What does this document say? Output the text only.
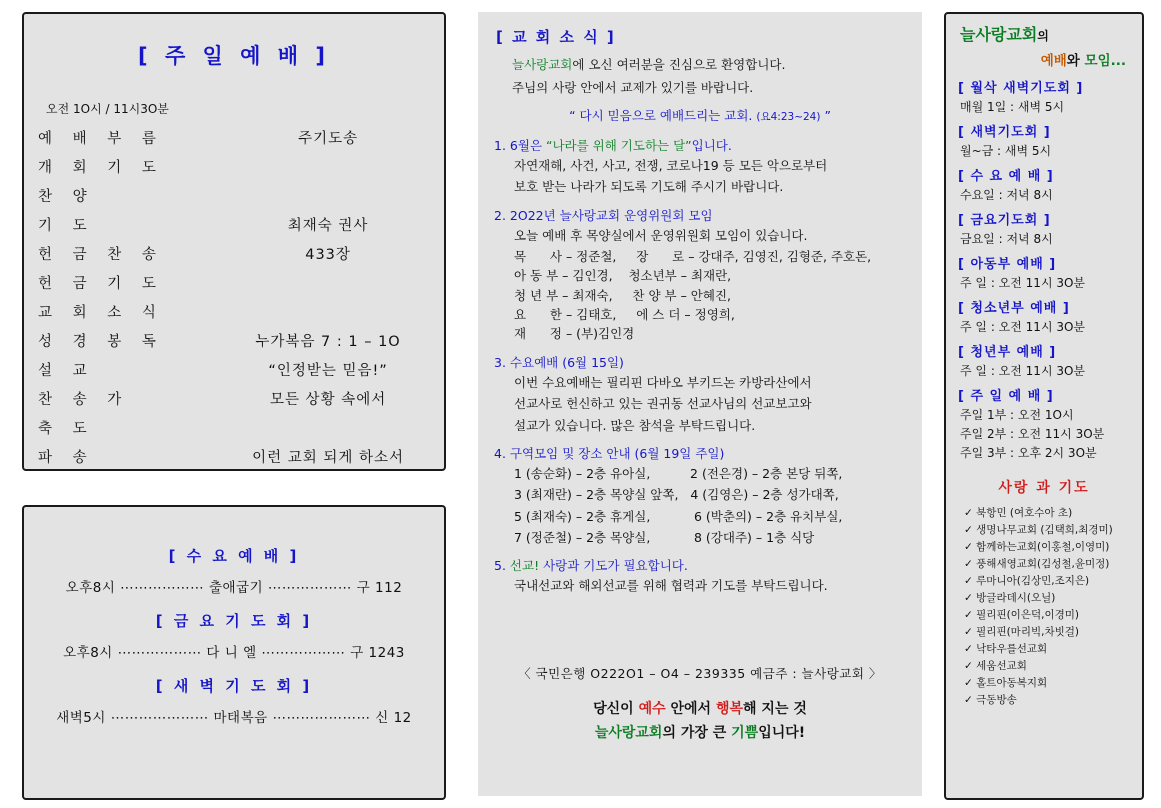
[ 주 일 예 배 ]
오전 1O시 / 11시3O분
예 배 부 름	주기도송
개 회 기 도	
찬 양	
기 도	최재숙 권사
헌 금 찬 송	433장
헌 금 기 도	
교 회 소 식	
성 경 봉 독	누가복음 7 : 1 – 1O
설 교	“인정받는 믿음!”
찬 송 가	모든 상황 속에서
축 도	
파 송	이런 교회 되게 하소서
[ 수 요 예 배 ]
오후8시 ⋯⋯⋯⋯⋯⋯ 출애굽기 ⋯⋯⋯⋯⋯⋯ 구 112
[ 금 요 기 도 회 ]
오후8시 ⋯⋯⋯⋯⋯⋯ 다 니 엘 ⋯⋯⋯⋯⋯⋯ 구 1243
[ 새 벽 기 도 회 ]
새벽5시 ⋯⋯⋯⋯⋯⋯⋯ 마태복음 ⋯⋯⋯⋯⋯⋯⋯ 신 12
[ 교 회 소 식 ]
늘사랑교회에 오신 여러분을 진심으로 환영합니다.
주님의 사랑 안에서 교제가 있기를 바랍니다.
“ 다시 믿음으로 예배드리는 교회. (요4:23~24) ”
1. 6월은 “나라를 위해 기도하는 달”입니다.
자연재해, 사건, 사고, 전쟁, 코로나19 등 모든 악으로부터
보호 받는 나라가 되도록 기도해 주시기 바랍니다.
2. 2O22년 늘사랑교회 운영위원회 모임
오늘 예배 후 목양실에서 운영위원회 모임이 있습니다.
목      사 – 정준철,     장      로 – 강대주, 김영진, 김형준, 주호돈,
아 동 부 – 김인경,    청소년부 – 최재란,
청 년 부 – 최재숙,     찬 양 부 – 안혜진,
요      한 – 김태호,     에 스 더 – 정영희,
재      정 – (부)김인경
3. 수요예배 (6월 15일)
이번 수요예배는 필리핀 다바오 부키드논 카방라산에서
선교사로 헌신하고 있는 권귀동 선교사님의 선교보고와
설교가 있습니다. 많은 참석을 부탁드립니다.
4. 구역모임 및 장소 안내 (6월 19일 주일)
1 (송순화) – 2층 유아실,          2 (전은경) – 2층 본당 뒤쪽,
3 (최재란) – 2층 목양실 앞쪽,   4 (김영은) – 2층 성가대쪽,
5 (최재숙) – 2층 휴게실,           6 (박춘의) – 2층 유치부실,
7 (정준철) – 2층 목양실,           8 (강대주) – 1층 식당
5. 선교! 사랑과 기도가 필요합니다.
국내선교와 해외선교를 위해 협력과 기도를 부탁드립니다.
〈 국민은행 O222O1 – O4 – 239335 예금주 : 늘사랑교회 〉
당신이 예수 안에서 행복해 지는 것
늘사랑교회의 가장 큰 기쁨입니다!
늘사랑교회의
예배와 모임...
[ 월삭 새벽기도회 ]
매월 1일 : 새벽 5시
[ 새벽기도회 ]
월~금 : 새벽 5시
[ 수 요 예 배 ]
수요일 : 저녁 8시
[ 금요기도회 ]
금요일 : 저녁 8시
[ 아동부 예배 ]
주 일 : 오전 11시 3O분
[ 청소년부 예배 ]
주 일 : 오전 11시 3O분
[ 청년부 예배 ]
주 일 : 오전 11시 3O분
[ 주 일 예 배 ]
주일 1부 : 오전 1O시
주일 2부 : 오전 11시 3O분
주일 3부 : 오후 2시 3O분
사랑 과 기도
✓ 북항민 (여호수아 초)
✓ 생명나무교회 (김택희,최경미)
✓ 함께하는교회(이홍철,이영미)
✓ 풍해새영교회(김성철,윤미정)
✓ 루마니아(김상민,조지은)
✓ 방글라데시(오닐)
✓ 필리핀(이은덕,이경미)
✓ 필리핀(마리빅,차빗걸)
✓ 낙타우를선교회
✓ 세움선교회
✓ 홀트아동복지회
✓ 극동방송
